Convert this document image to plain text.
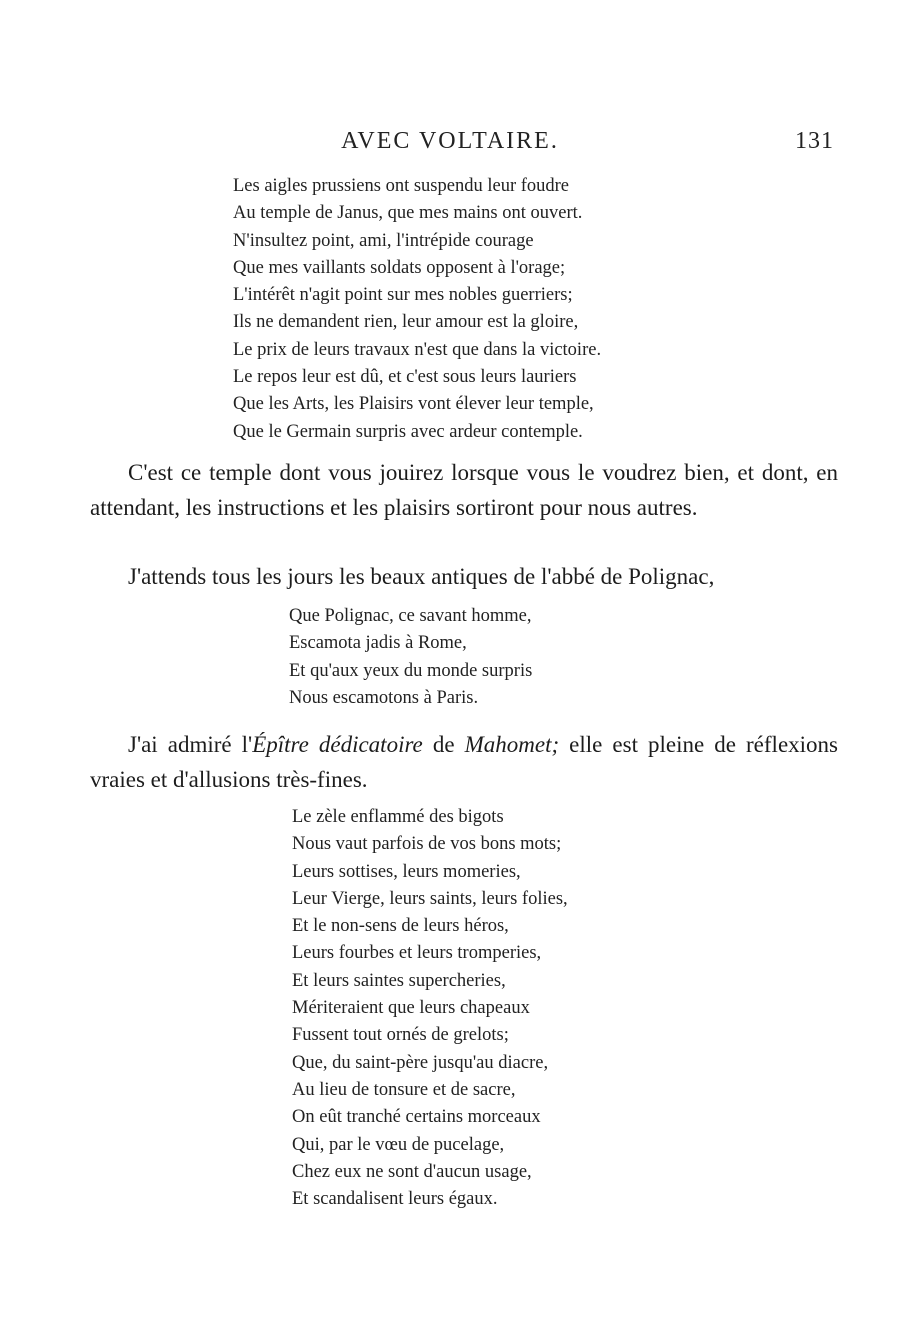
AVEC VOLTAIRE.	131
Les aigles prussiens ont suspendu leur foudre
Au temple de Janus, que mes mains ont ouvert.
N'insultez point, ami, l'intrépide courage
Que mes vaillants soldats opposent à l'orage;
L'intérêt n'agit point sur mes nobles guerriers;
Ils ne demandent rien, leur amour est la gloire,
Le prix de leurs travaux n'est que dans la victoire.
Le repos leur est dû, et c'est sous leurs lauriers
Que les Arts, les Plaisirs vont élever leur temple,
Que le Germain surpris avec ardeur contemple.

C'est ce temple dont vous jouirez lorsque vous le voudrez bien, et dont, en attendant, les instructions et les plaisirs sortiront pour nous autres.

J'attends tous les jours les beaux antiques de l'abbé de Polignac,

Que Polignac, ce savant homme,
Escamota jadis à Rome,
Et qu'aux yeux du monde surpris
Nous escamotons à Paris.

J'ai admiré l'Épître dédicatoire de Mahomet; elle est pleine de réflexions vraies et d'allusions très-fines.

Le zèle enflammé des bigots
Nous vaut parfois de vos bons mots;
Leurs sottises, leurs momeries,
Leur Vierge, leurs saints, leurs folies,
Et le non-sens de leurs héros,
Leurs fourbes et leurs tromperies,
Et leurs saintes supercheries,
Mériteraient que leurs chapeaux
Fussent tout ornés de grelots;
Que, du saint-père jusqu'au diacre,
Au lieu de tonsure et de sacre,
On eût tranché certains morceaux
Qui, par le vœu de pucelage,
Chez eux ne sont d'aucun usage,
Et scandalisent leurs égaux.
